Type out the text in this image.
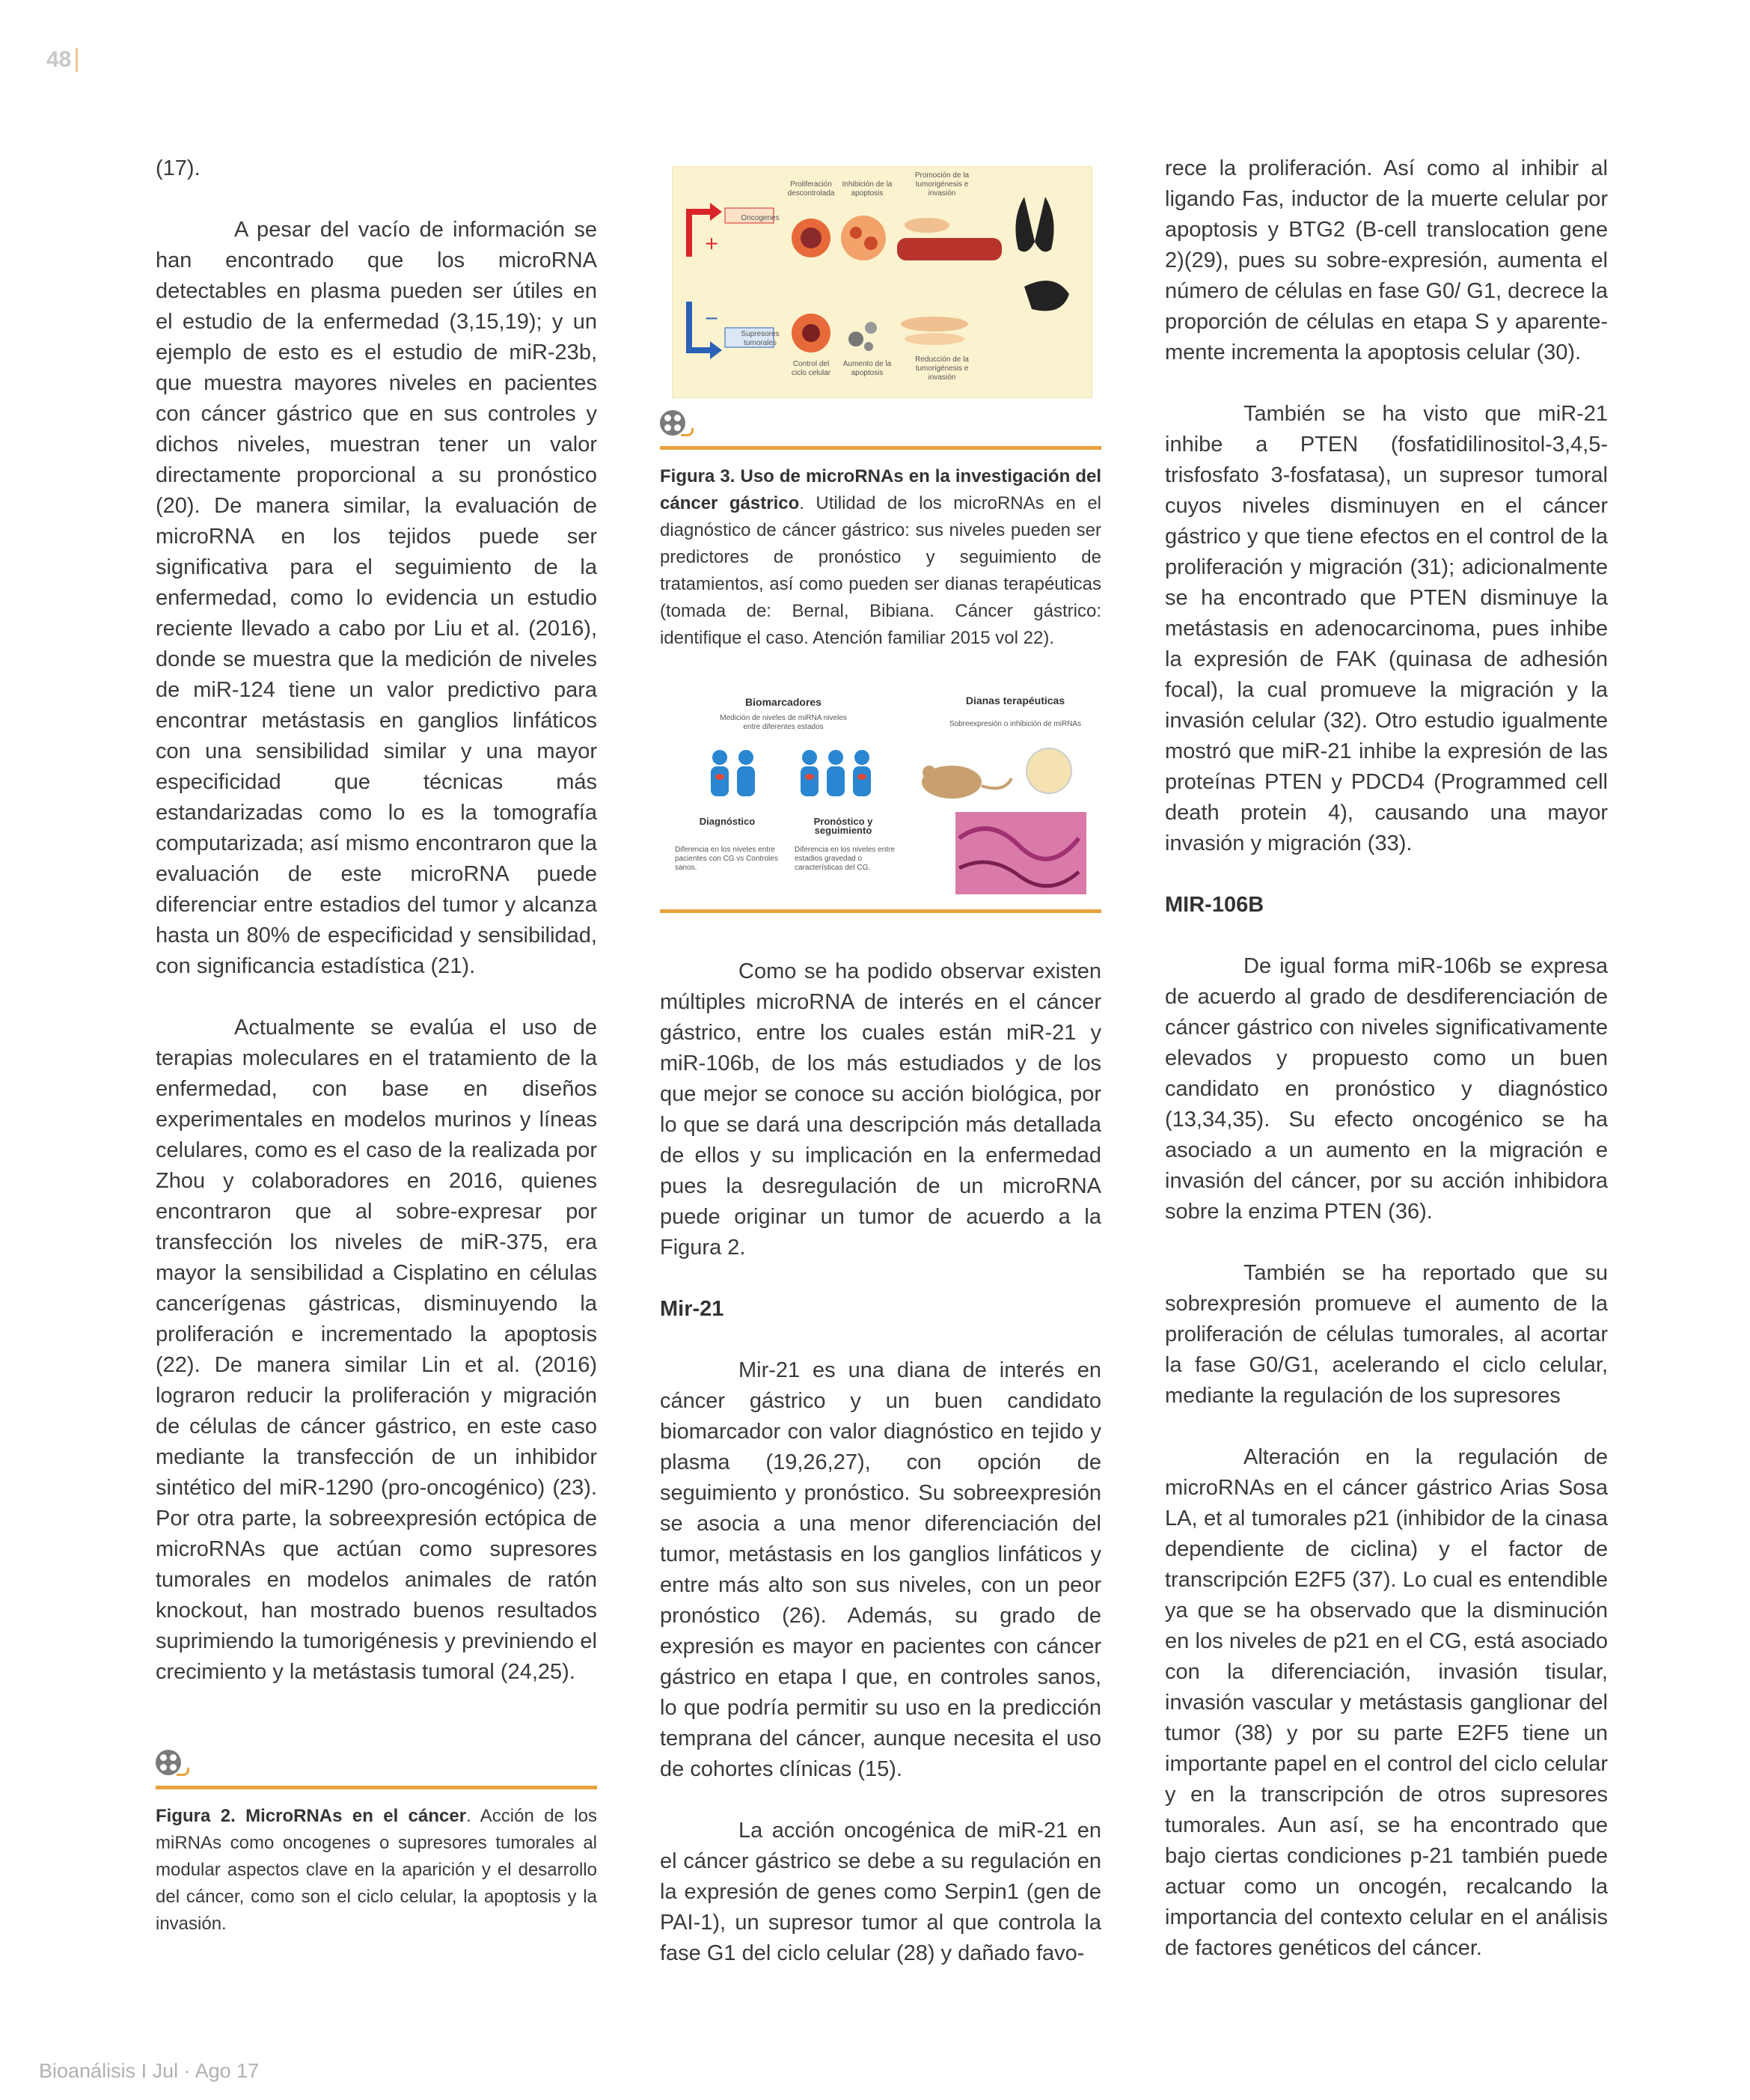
48

(17).

A pesar del vacío de información se han encontrado que los microRNA detectables en plasma pueden ser útiles en el estudio de la enfermedad (3,15,19); y un ejemplo de esto es el estudio de miR-23b, que muestra mayores niveles en pacientes con cáncer gástrico que en sus controles y dichos niveles, muestran tener un valor directamente proporcional a su pronóstico (20). De manera similar, la evaluación de microRNA en los tejidos puede ser significativa para el seguimiento de la enfermedad, como lo evidencia un estudio reciente llevado a cabo por Liu et al. (2016), donde se muestra que la medición de niveles de miR-124 tiene un valor predictivo para encontrar metástasis en ganglios linfáticos con una sensibilidad similar y una mayor especificidad que técnicas más estandarizadas como lo es la tomografía computarizada; así mismo encontraron que la evaluación de este microRNA puede diferenciar entre estadios del tumor y alcanza hasta un 80% de especificidad y sensibilidad, con significancia estadística (21).

Actualmente se evalúa el uso de terapias moleculares en el tratamiento de la enfermedad, con base en diseños experimentales en modelos murinos y líneas celulares, como es el caso de la realizada por Zhou y colaboradores en 2016, quienes encontraron que al sobre-expresar por transfección los niveles de miR-375, era mayor la sensibilidad a Cisplatino en células cancerígenas gástricas, disminuyendo la proliferación e incrementado la apoptosis (22). De manera similar Lin et al. (2016) lograron reducir la proliferación y migración de células de cáncer gástrico, en este caso mediante la transfección de un inhibidor sintético del miR-1290 (pro-oncogénico) (23). Por otra parte, la sobreexpresión ectópica de microRNAs que actúan como supresores tumorales en modelos animales de ratón knockout, han mostrado buenos resultados suprimiendo la tumorigénesis y previniendo el crecimiento y la metástasis tumoral (24,25).

Figura 2. MicroRNAs en el cáncer. Acción de los miRNAs como oncogenes o supresores tumorales al modular aspectos clave en la aparición y el desarrollo del cáncer, como son el ciclo celular, la apoptosis y la invasión.
+
−
Oncogenes
Supresores tumorales
Proliferación descontrolada
Inhibición de la apoptosis
Promoción de la tumorigénesis e invasión
Control del ciclo celular
Aumento de la apoptosis
Reducción de la tumorigénesis e invasión
Figura 3. Uso de microRNAs en la investigación del cáncer gástrico. Utilidad de los microRNAs en el diagnóstico de cáncer gástrico: sus niveles pueden ser predictores de pronóstico y seguimiento de tratamientos, así como pueden ser dianas terapéuticas (tomada de: Bernal, Bibiana. Cáncer gástrico: identifique el caso. Atención familiar 2015 vol 22).
Biomarcadores
Medición de niveles de miRNA niveles entre diferentes estados
Dianas terapéuticas
Sobreexpresión o inhibición de miRNAs
Diagnóstico
Diferencia en los niveles entre pacientes con CG vs Controles sanos.
Pronóstico y seguimiento
Diferencia en los niveles entre estadios gravedad o características del CG.

Como se ha podido observar existen múltiples microRNA de interés en el cáncer gástrico, entre los cuales están miR-21 y miR-106b, de los más estudiados y de los que mejor se conoce su acción biológica, por lo que se dará una descripción más detallada de ellos y su implicación en la enfermedad pues la desregulación de un microRNA puede originar un tumor de acuerdo a la Figura 2.

Mir-21

Mir-21 es una diana de interés en cáncer gástrico y un buen candidato biomarcador con valor diagnóstico en tejido y plasma (19,26,27), con opción de seguimiento y pronóstico. Su sobreexpresión se asocia a una menor diferenciación del tumor, metástasis en los ganglios linfáticos y entre más alto son sus niveles, con un peor pronóstico (26). Además, su grado de expresión es mayor en pacientes con cáncer gástrico en etapa I que, en controles sanos, lo que podría permitir su uso en la predicción temprana del cáncer, aunque necesita el uso de cohortes clínicas (15).

La acción oncogénica de miR-21 en el cáncer gástrico se debe a su regulación en la expresión de genes como Serpin1 (gen de PAI-1), un supresor tumor al que controla la fase G1 del ciclo celular (28) y dañado favo-

rece la proliferación. Así como al inhibir al ligando Fas, inductor de la muerte celular por apoptosis y BTG2 (B-cell translocation gene 2)(29), pues su sobre-expresión, aumenta el número de células en fase G0/ G1, decrece la proporción de células en etapa S y aparente-mente incrementa la apoptosis celular (30).

También se ha visto que miR-21 inhibe a PTEN (fosfatidilinositol-3,4,5-trisfosfato 3-fosfatasa), un supresor tumoral cuyos niveles disminuyen en el cáncer gástrico y que tiene efectos en el control de la proliferación y migración (31); adicionalmente se ha encontrado que PTEN disminuye la metástasis en adenocarcinoma, pues inhibe la expresión de FAK (quinasa de adhesión focal), la cual promueve la migración y la invasión celular (32). Otro estudio igualmente mostró que miR-21 inhibe la expresión de las proteínas PTEN y PDCD4 (Programmed cell death protein 4), causando una mayor invasión y migración (33).

MIR-106B

De igual forma miR-106b se expresa de acuerdo al grado de desdiferenciación de cáncer gástrico con niveles significativamente elevados y propuesto como un buen candidato en pronóstico y diagnóstico (13,34,35). Su efecto oncogénico se ha asociado a un aumento en la migración e invasión del cáncer, por su acción inhibidora sobre la enzima PTEN (36).

También se ha reportado que su sobrexpresión promueve el aumento de la proliferación de células tumorales, al acortar la fase G0/G1, acelerando el ciclo celular, mediante la regulación de los supresores

Alteración en la regulación de microRNAs en el cáncer gástrico Arias Sosa LA, et al tumorales p21 (inhibidor de la cinasa dependiente de ciclina) y el factor de transcripción E2F5 (37). Lo cual es entendible ya que se ha observado que la disminución en los niveles de p21 en el CG, está asociado con la diferenciación, invasión tisular, invasión vascular y metástasis ganglionar del tumor (38) y por su parte E2F5 tiene un importante papel en el control del ciclo celular y en la transcripción de otros supresores tumorales. Aun así, se ha encontrado que bajo ciertas condiciones p-21 también puede actuar como un oncogén, recalcando la importancia del contexto celular en el análisis de factores genéticos del cáncer.

Bioanálisis I Jul · Ago 17
